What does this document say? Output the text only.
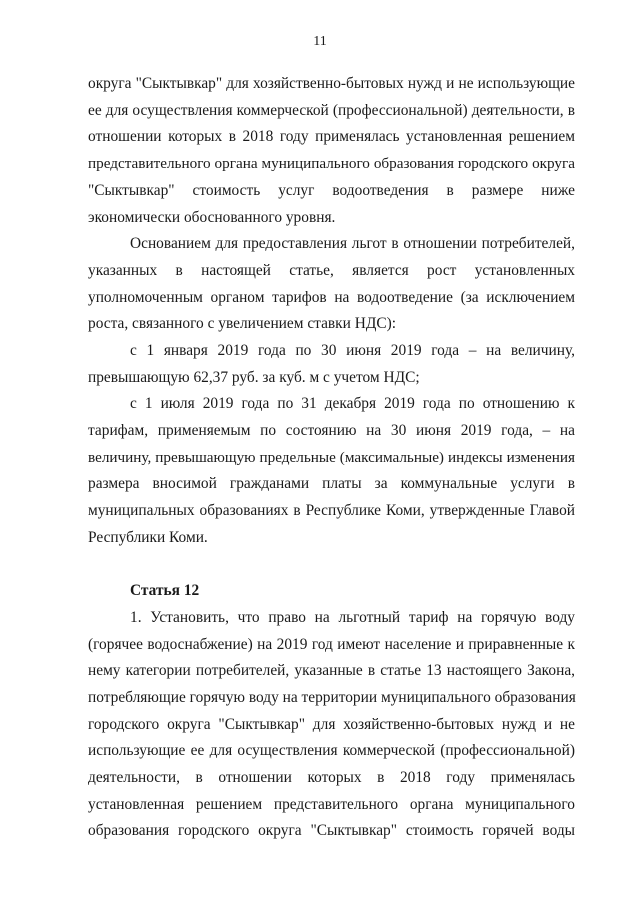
11
округа "Сыктывкар" для хозяйственно-бытовых нужд и не использующие
ее для осуществления коммерческой (профессиональной) деятельности, в
отношении которых в 2018 году применялась установленная решением
представительного органа муниципального образования городского округа
"Сыктывкар" стоимость услуг водоотведения в размере ниже
экономически обоснованного уровня.
Основанием для предоставления льгот в отношении потребителей,
указанных в настоящей статье, является рост установленных
уполномоченным органом тарифов на водоотведение (за исключением
роста, связанного с увеличением ставки НДС):
с 1 января 2019 года по 30 июня 2019 года – на величину,
превышающую 62,37 руб. за куб. м с учетом НДС;
с 1 июля 2019 года по 31 декабря 2019 года по отношению к
тарифам, применяемым по состоянию на 30 июня 2019 года, – на
величину, превышающую предельные (максимальные) индексы изменения
размера вносимой гражданами платы за коммунальные услуги в
муниципальных образованиях в Республике Коми, утвержденные Главой
Республики Коми.
Статья 12
1. Установить, что право на льготный тариф на горячую воду
(горячее водоснабжение) на 2019 год имеют население и приравненные к
нему категории потребителей, указанные в статье 13 настоящего Закона,
потребляющие горячую воду на территории муниципального образования
городского округа "Сыктывкар" для хозяйственно-бытовых нужд и не
использующие ее для осуществления коммерческой (профессиональной)
деятельности, в отношении которых в 2018 году применялась
установленная решением представительного органа муниципального
образования городского округа "Сыктывкар" стоимость горячей воды
